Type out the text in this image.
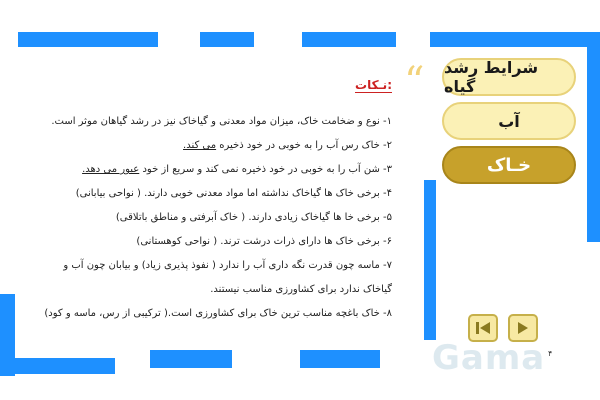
“
نـکات:
۱- نوع و ضخامت خاک، میزان مواد معدنی و گیاخاک نیز در رشد گیاهان موثر است.
۲- خاک رس آب را به خوبی در خود ذخیره می کند.
۳- شن آب را به خوبی در خود ذخیره نمی کند و سریع از خود عبور می دهد.
۴- برخی خاک ها گیاخاک نداشته اما مواد معدنی خوبی دارند. ( نواحی بیابانی)
۵- برخی خا ها گیاخاک زیادی دارند. ( خاک آبرفتی و مناطق باتلاقی)
۶- برخی خاک ها دارای ذرات درشت ترند. ( نواحی کوهستانی)
۷- ماسه چون قدرت نگه داری آب را ندارد ( نفوذ پذیری زیاد) و بیابان چون آب و
گیاخاک ندارد برای کشاورزی مناسب نیستند.
۸- خاک باغچه مناسب ترین خاک برای کشاورزی است.( ترکیبی از رس، ماسه و کود)
شرایط رشد گیاه
آب
خـاک
Gama ۴
